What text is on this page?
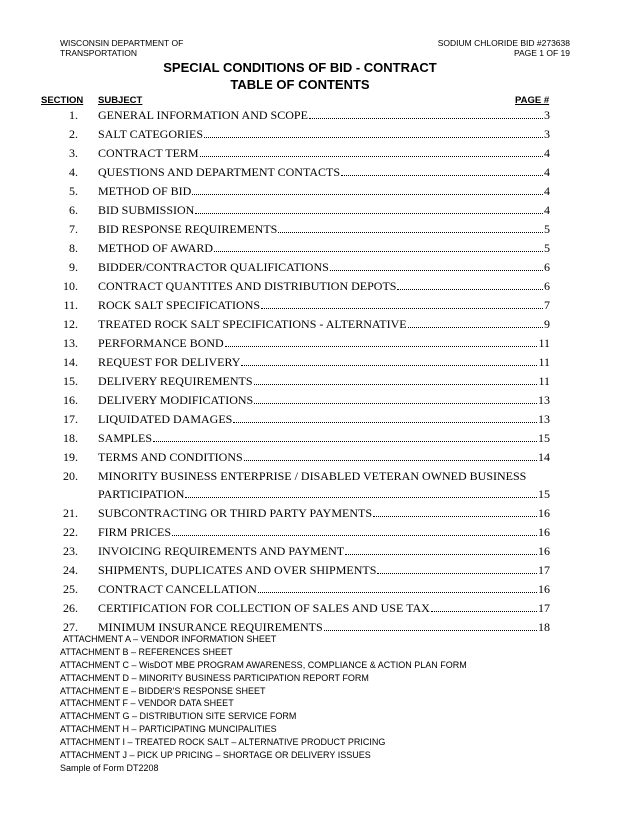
WISCONSIN DEPARTMENT OF
TRANSPORTATION
SODIUM CHLORIDE BID #273638
PAGE 1 OF 19
SPECIAL CONDITIONS OF BID - CONTRACT
TABLE OF CONTENTS
SECTION SUBJECT	PAGE #
1. GENERAL INFORMATION AND SCOPE	3
2. SALT CATEGORIES	3
3. CONTRACT TERM	4
4. QUESTIONS AND DEPARTMENT CONTACTS	4
5. METHOD OF BID	4
6. BID SUBMISSION	4
7. BID RESPONSE REQUIREMENTS	5
8. METHOD OF AWARD	5
9. BIDDER/CONTRACTOR QUALIFICATIONS	6
10. CONTRACT QUANTITES AND DISTRIBUTION DEPOTS	6
11. ROCK SALT SPECIFICATIONS	7
12. TREATED ROCK SALT SPECIFICATIONS - ALTERNATIVE	9
13. PERFORMANCE BOND	11
14. REQUEST FOR DELIVERY	11
15. DELIVERY REQUIREMENTS	11
16. DELIVERY MODIFICATIONS	13
17. LIQUIDATED DAMAGES	13
18. SAMPLES	15
19. TERMS AND CONDITIONS	14
20. MINORITY BUSINESS ENTERPRISE / DISABLED VETERAN OWNED BUSINESS
PARTICIPATION	15
21. SUBCONTRACTING OR THIRD PARTY PAYMENTS	16
22. FIRM PRICES	16
23. INVOICING REQUIREMENTS AND PAYMENT	16
24. SHIPMENTS, DUPLICATES AND OVER SHIPMENTS	17
25. CONTRACT CANCELLATION	16
26. CERTIFICATION FOR COLLECTION OF SALES AND USE TAX	17
27. MINIMUM INSURANCE REQUIREMENTS	18
ATTACHMENT A – VENDOR INFORMATION SHEET
ATTACHMENT B – REFERENCES SHEET
ATTACHMENT C – WisDOT MBE PROGRAM AWARENESS, COMPLIANCE & ACTION PLAN FORM
ATTACHMENT D – MINORITY BUSINESS PARTICIPATION REPORT FORM
ATTACHMENT E – BIDDER’S RESPONSE SHEET
ATTACHMENT F – VENDOR DATA SHEET
ATTACHMENT G – DISTRIBUTION SITE SERVICE FORM
ATTACHMENT H – PARTICIPATING MUNCIPALITIES
ATTACHMENT I – TREATED ROCK SALT – ALTERNATIVE PRODUCT PRICING
ATTACHMENT J – PICK UP PRICING – SHORTAGE OR DELIVERY ISSUES
Sample of Form DT2208
